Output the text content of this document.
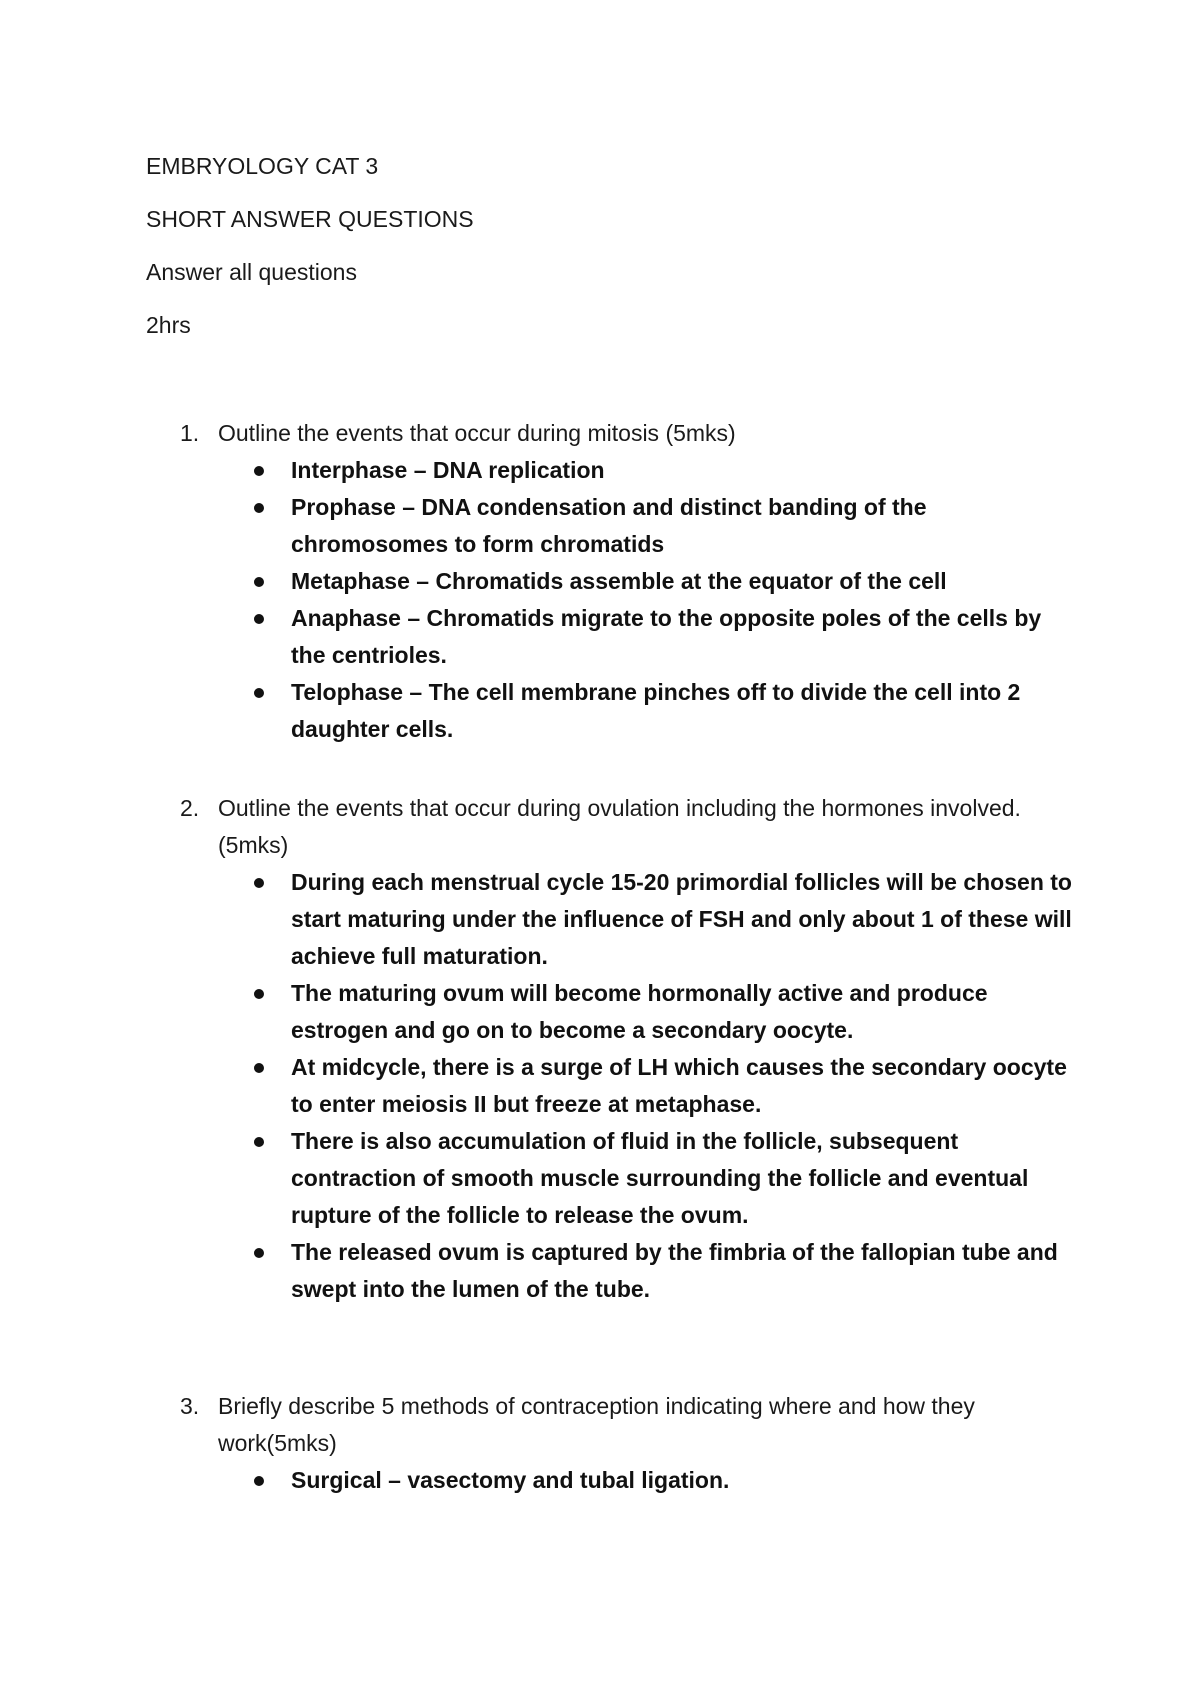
EMBRYOLOGY CAT 3
SHORT ANSWER QUESTIONS
Answer all questions
2hrs
1. Outline the events that occur during mitosis (5mks)
Interphase – DNA replication
Prophase – DNA condensation and distinct banding of the chromosomes to form chromatids
Metaphase – Chromatids assemble at the equator of the cell
Anaphase – Chromatids migrate to the opposite poles of the cells by the centrioles.
Telophase – The cell membrane pinches off to divide the cell into 2 daughter cells.
2. Outline the events that occur during ovulation including the hormones involved. (5mks)
During each menstrual cycle 15-20 primordial follicles will be chosen to start maturing under the influence of FSH and only about 1 of these will achieve full maturation.
The maturing ovum will become hormonally active and produce estrogen and go on to become a secondary oocyte.
At midcycle, there is a surge of LH which causes the secondary oocyte to enter meiosis II but freeze at metaphase.
There is also accumulation of fluid in the follicle, subsequent contraction of smooth muscle surrounding the follicle and eventual rupture of the follicle to release the ovum.
The released ovum is captured by the fimbria of the fallopian tube and swept into the lumen of the tube.
3. Briefly describe 5 methods of contraception indicating where and how they work(5mks)
Surgical – vasectomy and tubal ligation.
